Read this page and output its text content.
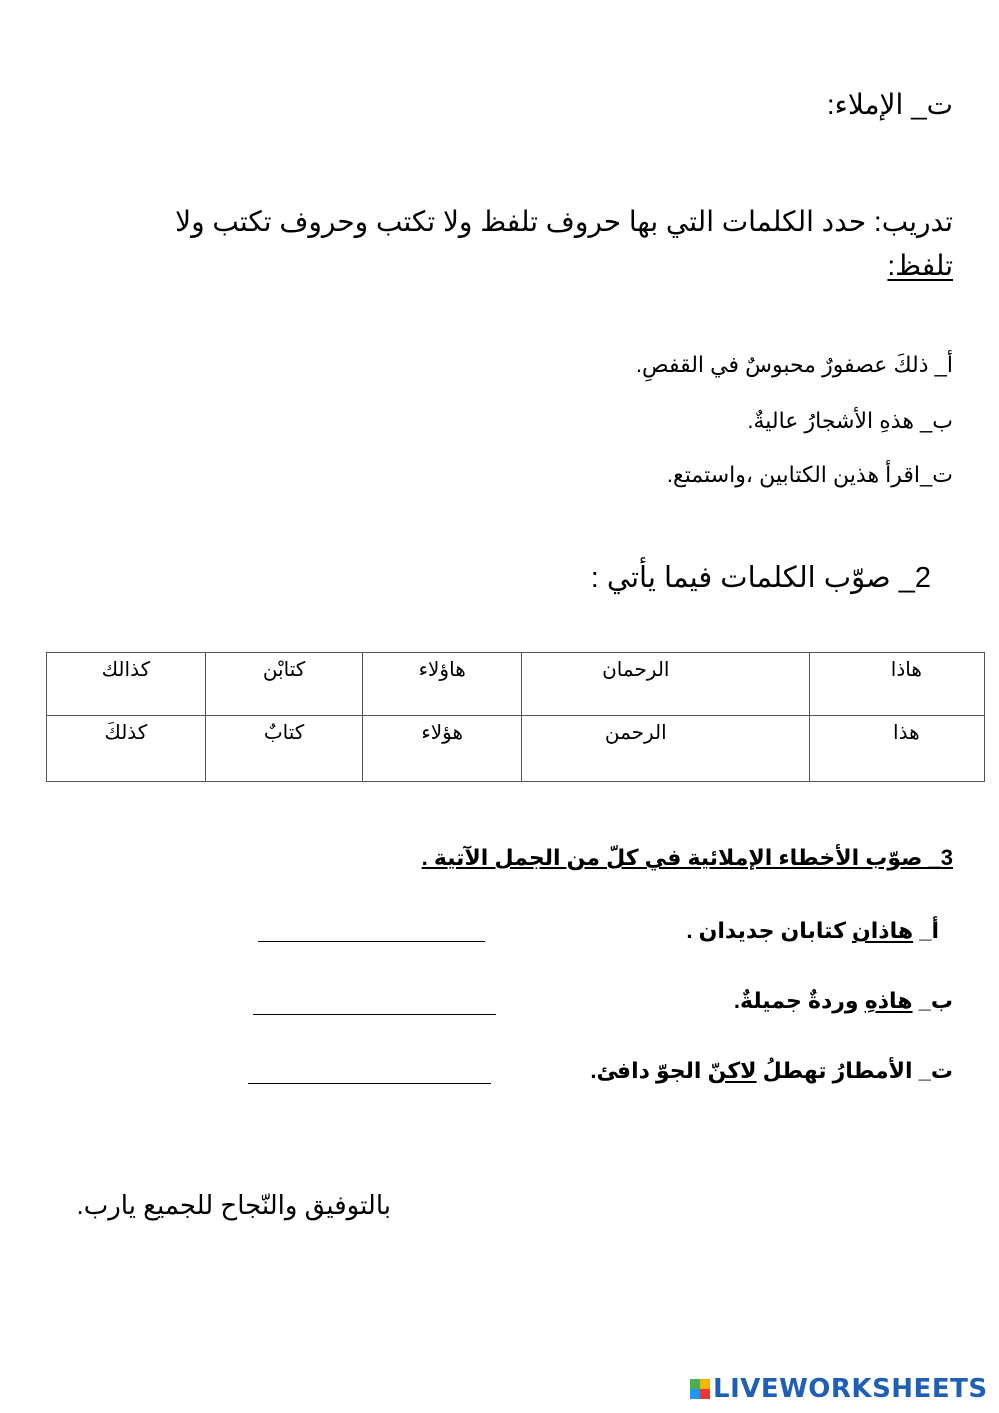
ت_ الإملاء:
تدريب: حدد الكلمات التي بها حروف تلفظ ولا تكتب وحروف تكتب ولا
تلفظ:
أ_ ذلكَ عصفورٌ محبوسٌ في القفصِ.
ب_ هذهِ الأشجارُ عاليةٌ.
ت_اقرأ هذين الكتابين ،واستمتع.
2_ صوّب الكلمات فيما يأتي :
هاذا	الرحمان	هاؤلاء	كتابْن	كذالك
هذا	الرحمن	هؤلاء	كتابٌ	كذلكَ
3_ صوّب الأخطاء الإملائية في كلّ من الجمل الآتية .
أ_ هاذان كتابان جديدان .
ب_ هاذهِ وردةٌ جميلةٌ.
ت_ الأمطارُ تهطلُ لاكنّ الجوّ دافئ.
بالتوفيق والنّجاح للجميع يارب.
LIVEWORKSHEETS
